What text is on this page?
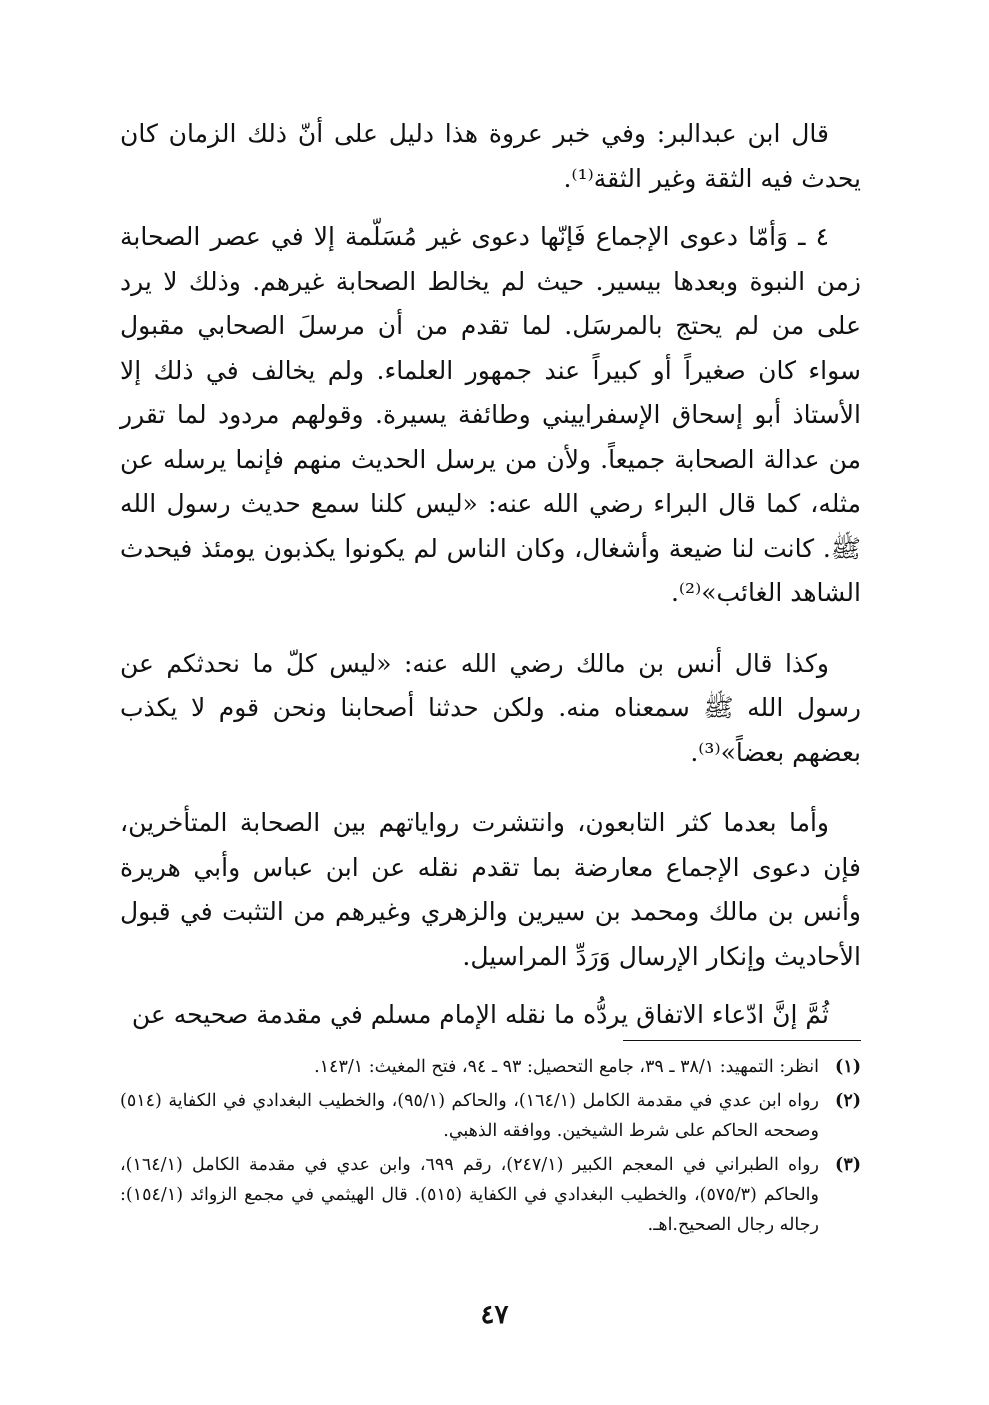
قال ابن عبدالبر: وفي خبر عروة هذا دليل على أنّ ذلك الزمان كان يحدث فيه الثقة وغير الثقة⁽¹⁾.

٤ ـ وَأمّا دعوى الإجماع فَإنّها دعوى غير مُسَلّمة إلا في عصر الصحابة زمن النبوة وبعدها بيسير. حيث لم يخالط الصحابة غيرهم. وذلك لا يرد على من لم يحتج بالمرسَل. لما تقدم من أن مرسلَ الصحابي مقبول سواء كان صغيراً أو كبيراً عند جمهور العلماء. ولم يخالف في ذلك إلا الأستاذ أبو إسحاق الإسفراييني وطائفة يسيرة. وقولهم مردود لما تقرر من عدالة الصحابة جميعاً. ولأن من يرسل الحديث منهم فإنما يرسله عن مثله، كما قال البراء رضي الله عنه: «ليس كلنا سمع حديث رسول الله ﷺ. كانت لنا ضيعة وأشغال، وكان الناس لم يكونوا يكذبون يومئذ فيحدث الشاهد الغائب»⁽²⁾.

وكذا قال أنس بن مالك رضي الله عنه: «ليس كلّ ما نحدثكم عن رسول الله ﷺ سمعناه منه. ولكن حدثنا أصحابنا ونحن قوم لا يكذب بعضهم بعضاً»⁽³⁾.

وأما بعدما كثر التابعون، وانتشرت رواياتهم بين الصحابة المتأخرين، فإن دعوى الإجماع معارضة بما تقدم نقله عن ابن عباس وأبي هريرة وأنس بن مالك ومحمد بن سيرين والزهري وغيرهم من التثبت في قبول الأحاديث وإنكار الإرسال وَرَدِّ المراسيل.

ثُمَّ إنَّ ادّعاء الاتفاق يردُّه ما نقله الإمام مسلم في مقدمة صحيحه عن

(١)
انظر: التمهيد: ٣٨/١ ـ ٣٩، جامع التحصيل: ٩٣ ـ ٩٤، فتح المغيث: ١٤٣/١.
(٢)
رواه ابن عدي في مقدمة الكامل (١٦٤/١)، والحاكم (٩٥/١)، والخطيب البغدادي في الكفاية (٥١٤) وصححه الحاكم على شرط الشيخين. ووافقه الذهبي.
(٣)
رواه الطبراني في المعجم الكبير (٢٤٧/١)، رقم ٦٩٩، وابن عدي في مقدمة الكامل (١٦٤/١)، والحاكم (٥٧٥/٣)، والخطيب البغدادي في الكفاية (٥١٥). قال الهيثمي في مجمع الزوائد (١٥٤/١): رجاله رجال الصحيح.اهـ.
٤٧
